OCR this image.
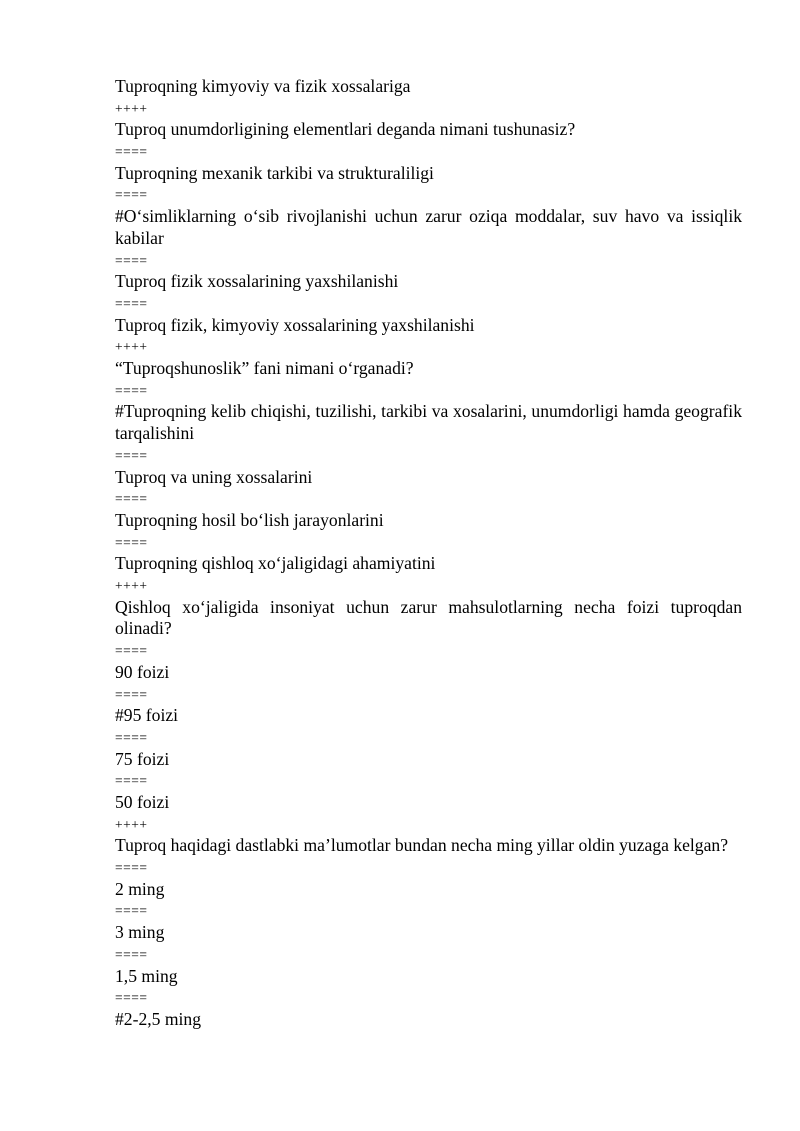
Tuproqning kimyoviy va fizik xossalariga

++++

Tuproq unumdorligining elementlari deganda nimani tushunasiz?

====

Tuproqning mexanik tarkibi va strukturaliligi

====

#O‘simliklarning o‘sib rivojlanishi uchun zarur oziqa moddalar, suv havo va issiqlik kabilar

====

Tuproq fizik xossalarining yaxshilanishi

====

Tuproq fizik, kimyoviy xossalarining yaxshilanishi

++++

“Tuproqshunoslik” fani nimani o‘rganadi?

====

#Tuproqning kelib chiqishi, tuzilishi, tarkibi va xosalarini, unumdorligi hamda geografik tarqalishini

====

Tuproq va uning xossalarini

====

Tuproqning hosil bo‘lish jarayonlarini

====

Tuproqning qishloq xo‘jaligidagi ahamiyatini

++++

Qishloq xo‘jaligida insoniyat uchun zarur mahsulotlarning necha foizi tuproqdan olinadi?

====

90 foizi

====

#95 foizi

====

75 foizi

====

50 foizi

++++

Tuproq haqidagi dastlabki ma’lumotlar bundan necha ming yillar oldin yuzaga kelgan?

====

2 ming

====

3 ming

====

1,5 ming

====

#2-2,5 ming
